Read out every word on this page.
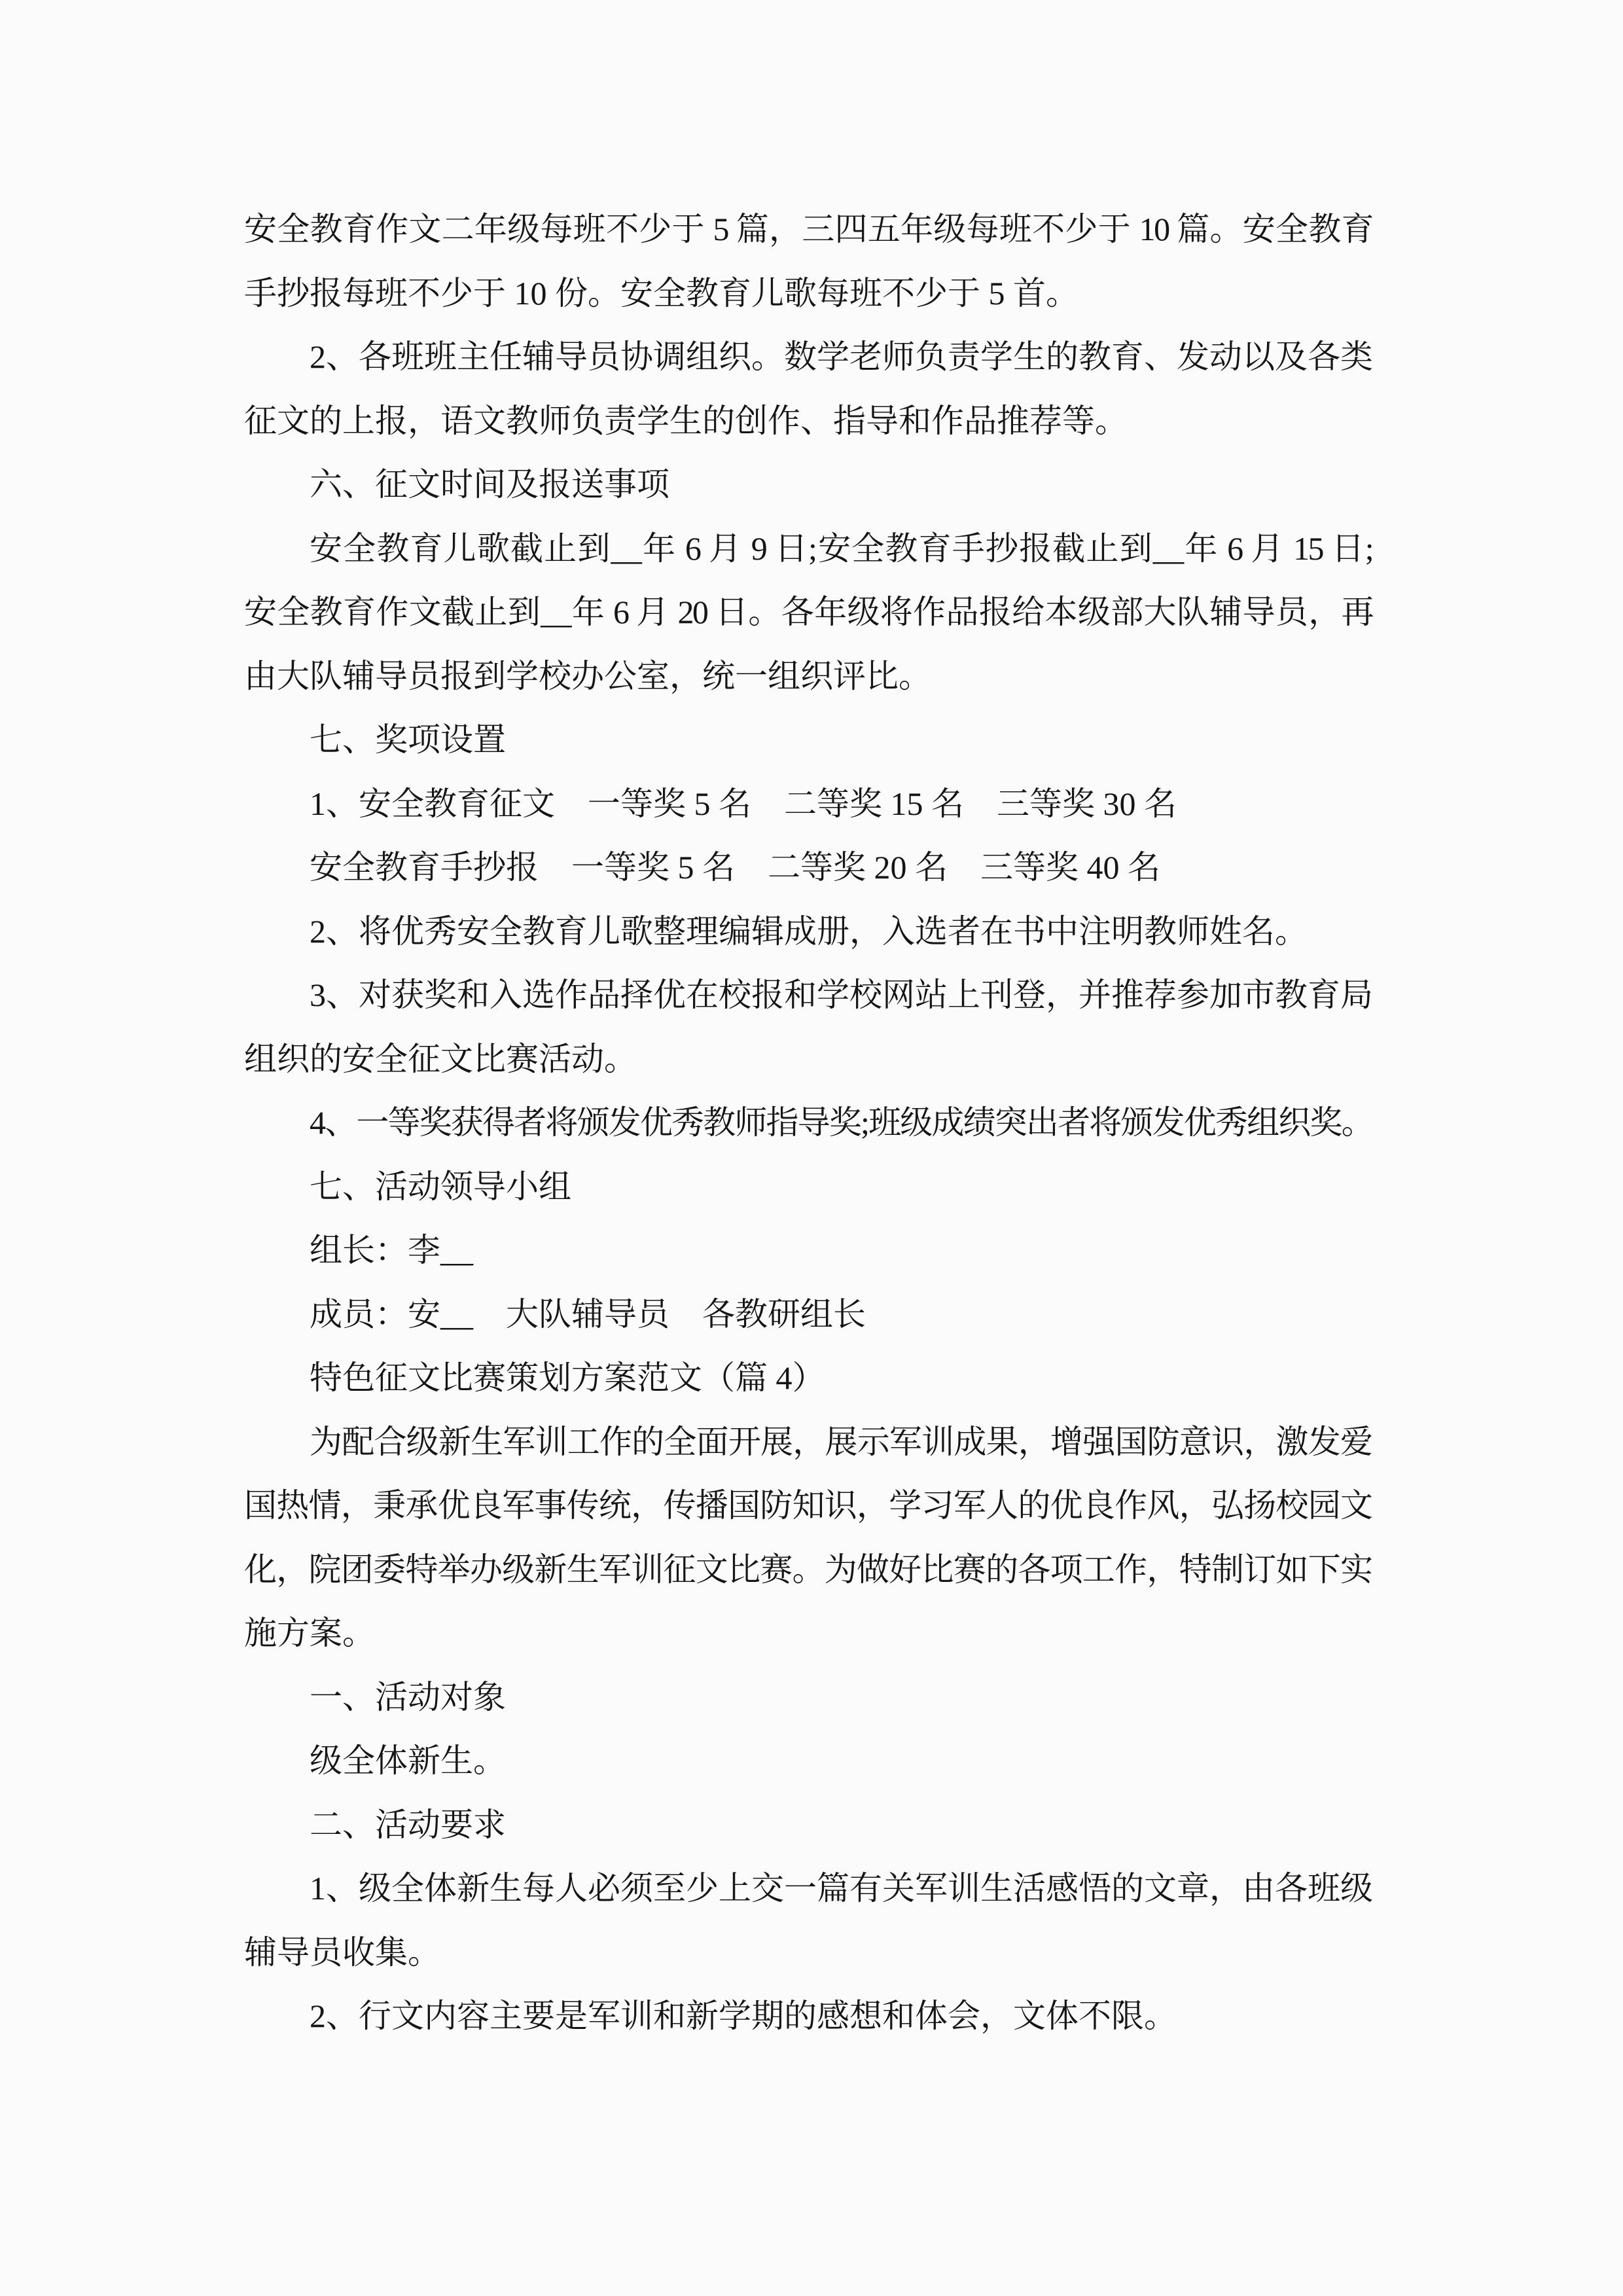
安全教育作文二年级每班不少于 5 篇，三四五年级每班不少于 10 篇。安全教育
手抄报每班不少于 10 份。安全教育儿歌每班不少于 5 首。
2、各班班主任辅导员协调组织。数学老师负责学生的教育、发动以及各类
征文的上报，语文教师负责学生的创作、指导和作品推荐等。
六、征文时间及报送事项
安全教育儿歌截止到__年 6 月 9 日;安全教育手抄报截止到__年 6 月 15 日;
安全教育作文截止到__年 6 月 20 日。各年级将作品报给本级部大队辅导员，再
由大队辅导员报到学校办公室，统一组织评比。
七、奖项设置
1、安全教育征文　一等奖 5 名　二等奖 15 名　三等奖 30 名
安全教育手抄报　一等奖 5 名　二等奖 20 名　三等奖 40 名
2、将优秀安全教育儿歌整理编辑成册，入选者在书中注明教师姓名。
3、对获奖和入选作品择优在校报和学校网站上刊登，并推荐参加市教育局
组织的安全征文比赛活动。
4、一等奖获得者将颁发优秀教师指导奖;班级成绩突出者将颁发优秀组织奖。
七、活动领导小组
组长：李__
成员：安__　大队辅导员　各教研组长
特色征文比赛策划方案范文（篇 4）
为配合级新生军训工作的全面开展，展示军训成果，增强国防意识，激发爱
国热情，秉承优良军事传统，传播国防知识，学习军人的优良作风，弘扬校园文
化，院团委特举办级新生军训征文比赛。为做好比赛的各项工作，特制订如下实
施方案。
一、活动对象
级全体新生。
二、活动要求
1、级全体新生每人必须至少上交一篇有关军训生活感悟的文章，由各班级
辅导员收集。
2、行文内容主要是军训和新学期的感想和体会，文体不限。
